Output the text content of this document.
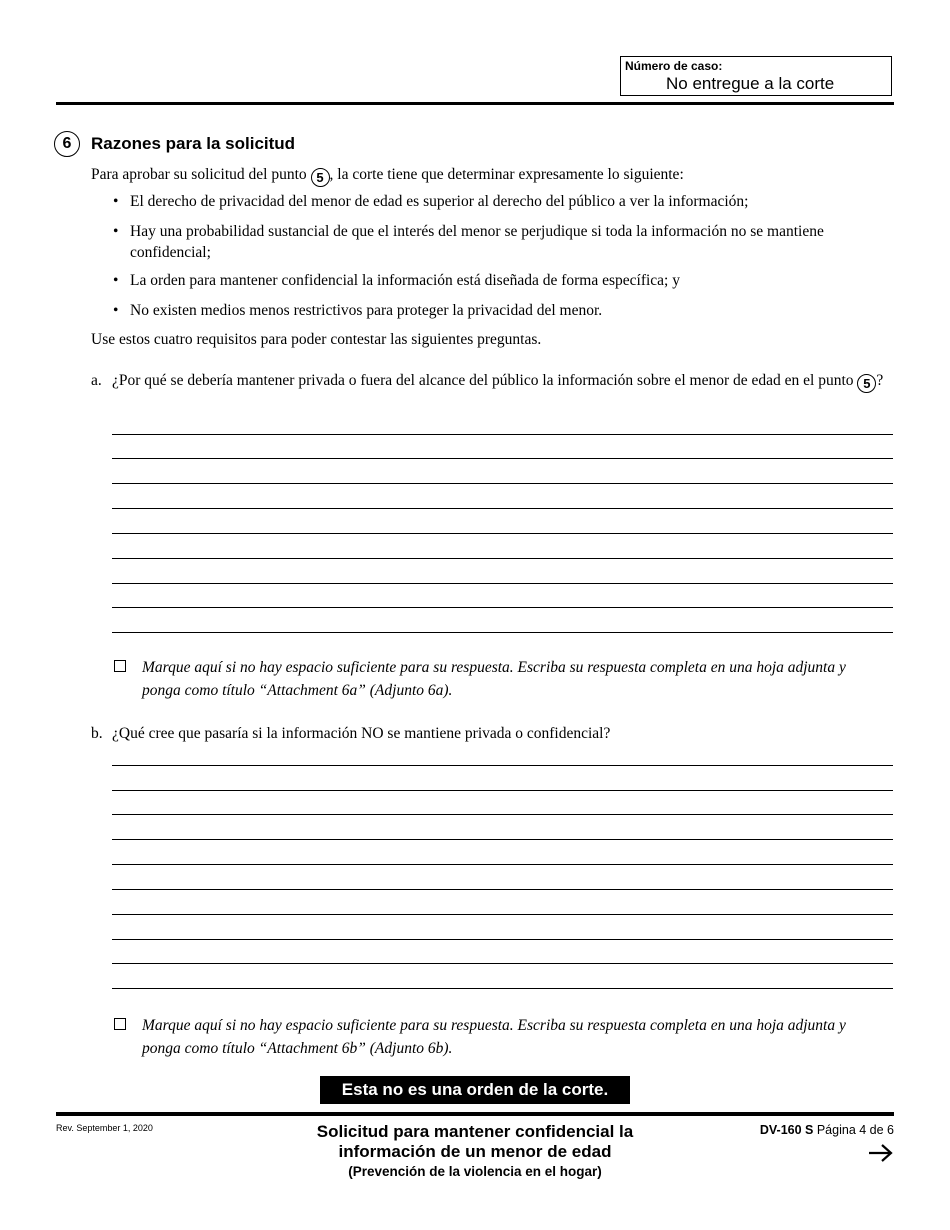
Número de caso:
No entregue a la corte
6	Razones para la solicitud
Para aprobar su solicitud del punto 5 , la corte tiene que determinar expresamente lo siguiente:
• El derecho de privacidad del menor de edad es superior al derecho del público a ver la información;
• Hay una probabilidad sustancial de que el interés del menor se perjudique si toda la información no se mantiene confidencial;
• La orden para mantener confidencial la información está diseñada de forma específica; y
• No existen medios menos restrictivos para proteger la privacidad del menor.
Use estos cuatro requisitos para poder contestar las siguientes preguntas.
a. ¿Por qué se debería mantener privada o fuera del alcance del público la información sobre el menor de edad en el punto 5 ?
Marque aquí si no hay espacio suficiente para su respuesta. Escriba su respuesta completa en una hoja adjunta y ponga como título “Attachment 6a” (Adjunto 6a).
b. ¿Qué cree que pasaría si la información NO se mantiene privada o confidencial?
Marque aquí si no hay espacio suficiente para su respuesta. Escriba su respuesta completa en una hoja adjunta y ponga como título “Attachment 6b” (Adjunto 6b).
Esta no es una orden de la corte.
Rev. September 1, 2020	Solicitud para mantener confidencial la información de un menor de edad
(Prevención de la violencia en el hogar)
DV-160 S Página 4 de 6
